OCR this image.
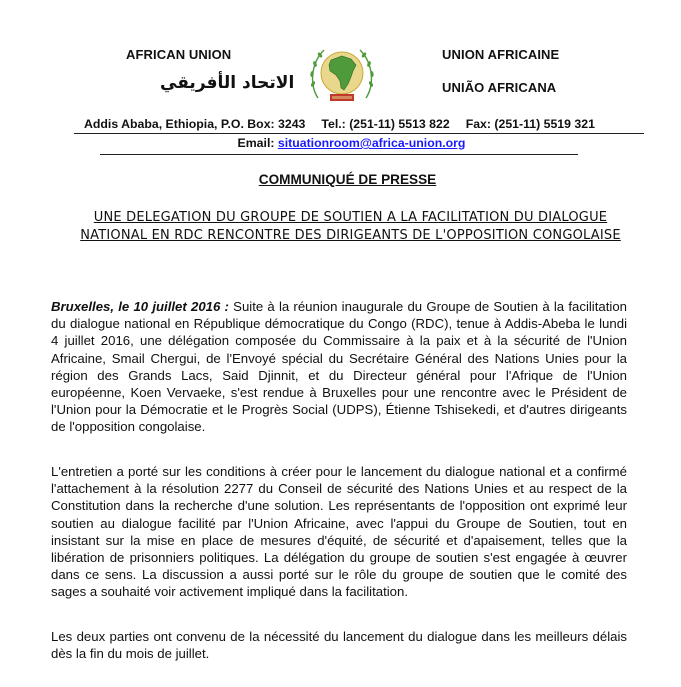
AFRICAN UNION
الاتحاد الأفريقي
UNION AFRICAINE
UNIÃO AFRICANA
Addis Ababa, Ethiopia, P.O. Box: 3243 Tel.: (251-11) 5513 822 Fax: (251-11) 5519 321
Email: situationroom@africa-union.org
COMMUNIQUÉ DE PRESSE
UNE DELEGATION DU GROUPE DE SOUTIEN A LA FACILITATION DU DIALOGUE NATIONAL EN RDC RENCONTRE DES DIRIGEANTS DE L'OPPOSITION CONGOLAISE
Bruxelles, le 10 juillet 2016 : Suite à la réunion inaugurale du Groupe de Soutien à la facilitation du dialogue national en République démocratique du Congo (RDC), tenue à Addis-Abeba le lundi 4 juillet 2016, une délégation composée du Commissaire à la paix et à la sécurité de l'Union Africaine, Smail Chergui, de l'Envoyé spécial du Secrétaire Général des Nations Unies pour la région des Grands Lacs, Said Djinnit, et du Directeur général pour l'Afrique de l'Union européenne, Koen Vervaeke, s'est rendue à Bruxelles pour une rencontre avec le Président de l'Union pour la Démocratie et le Progrès Social (UDPS), Étienne Tshisekedi, et d'autres dirigeants de l'opposition congolaise.
L'entretien a porté sur les conditions à créer pour le lancement du dialogue national et a confirmé l'attachement à la résolution 2277 du Conseil de sécurité des Nations Unies et au respect de la Constitution dans la recherche d'une solution. Les représentants de l'opposition ont exprimé leur soutien au dialogue facilité par l'Union Africaine, avec l'appui du Groupe de Soutien, tout en insistant sur la mise en place de mesures d'équité, de sécurité et d'apaisement, telles que la libération de prisonniers politiques. La délégation du groupe de soutien s'est engagée à œuvrer dans ce sens. La discussion a aussi porté sur le rôle du groupe de soutien que le comité des sages a souhaité voir activement impliqué dans la facilitation.
Les deux parties ont convenu de la nécessité du lancement du dialogue dans les meilleurs délais dès la fin du mois de juillet.
